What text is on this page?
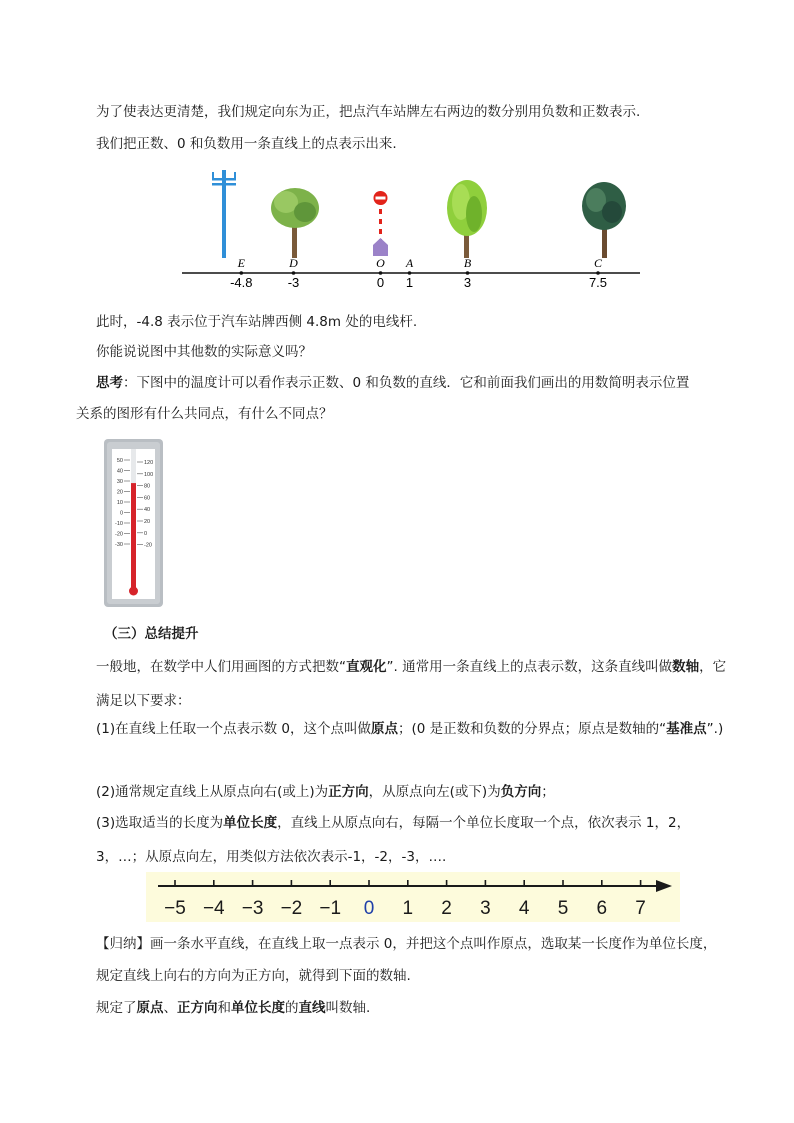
为了使表达更清楚，我们规定向东为正，把点汽车站牌左右两边的数分别用负数和正数表示.
我们把正数、0 和负数用一条直线上的点表示出来.
E
-4.8
D
-3
O
0
A
1
B
3
C
7.5
此时，-4.8 表示位于汽车站牌西侧 4.8m 处的电线杆.
你能说说图中其他数的实际意义吗？
思考：下图中的温度计可以看作表示正数、0 和负数的直线．它和前面我们画出的用数简明表示位置
关系的图形有什么共同点，有什么不同点？
50
40
30
20
10
0
-10
-20
-30
120
100
80
60
40
20
0
-20
（三）总结提升
一般地，在数学中人们用画图的方式把数“直观化”. 通常用一条直线上的点表示数，这条直线叫做数轴，它满足以下要求：
(1)在直线上任取一个点表示数 0，这个点叫做原点；(0 是正数和负数的分界点；原点是数轴的“基准点”.)
(2)通常规定直线上从原点向右(或上)为正方向，从原点向左(或下)为负方向；
(3)选取适当的长度为单位长度，直线上从原点向右，每隔一个单位长度取一个点，依次表示 1，2，3，…；从原点向左，用类似方法依次表示-1，-2，-3，….
−5 −4 −3 −2 −1 0 1 2 3 4 5 6 7
【归纳】画一条水平直线，在直线上取一点表示 0，并把这个点叫作原点，选取某一长度作为单位长度，
规定直线上向右的方向为正方向，就得到下面的数轴.
规定了原点、正方向和单位长度的直线叫数轴.
